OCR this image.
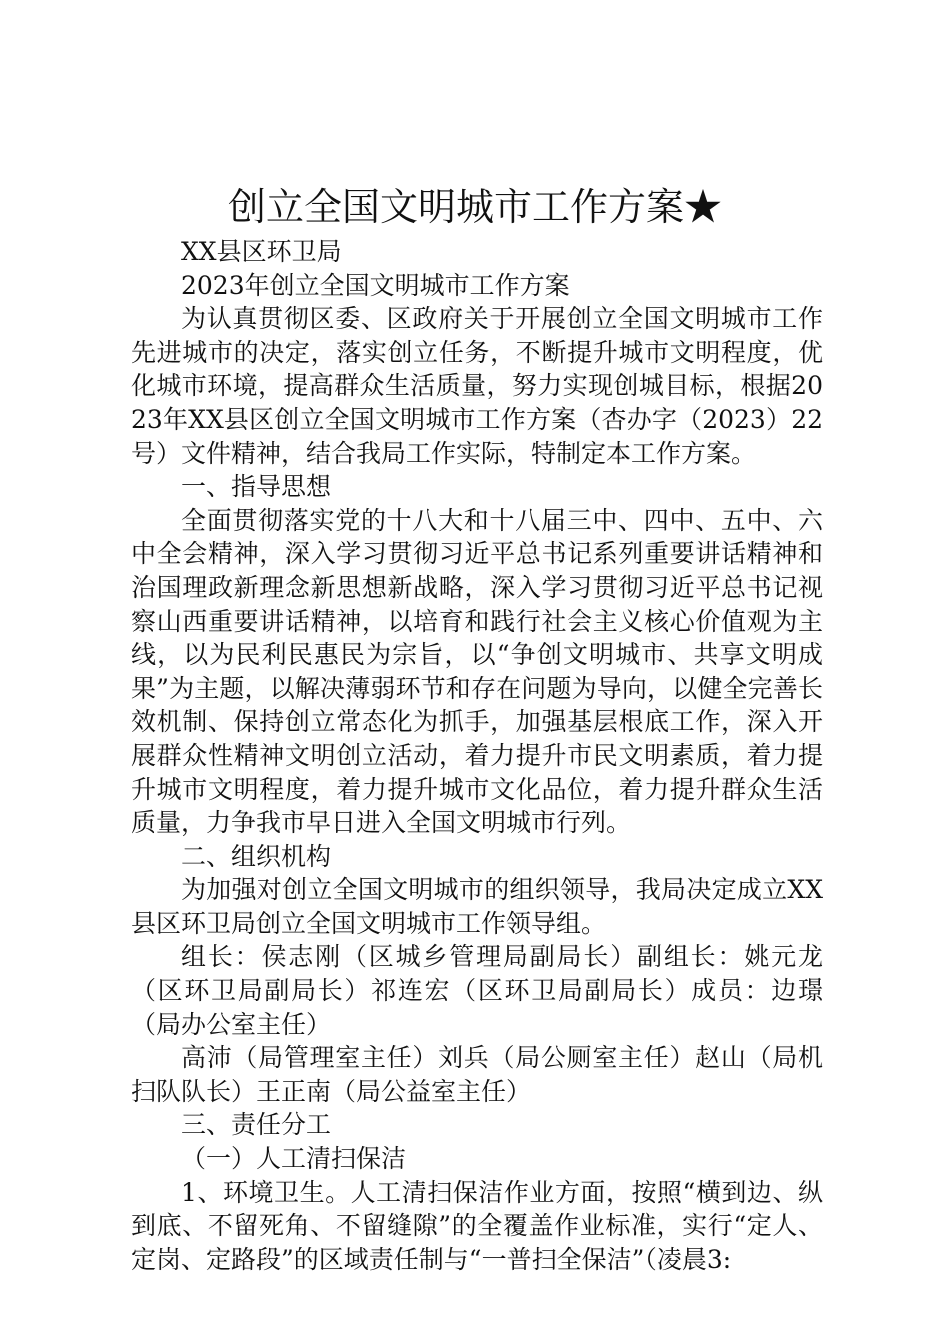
创立全国文明城市工作方案★

XX县区环卫局

2023年创立全国文明城市工作方案

为认真贯彻区委、区政府关于开展创立全国文明城市工作先进城市的决定，落实创立任务，不断提升城市文明程度，优化城市环境，提高群众生活质量，努力实现创城目标，根据2023年XX县区创立全国文明城市工作方案（杏办字（2023）22号）文件精神，结合我局工作实际，特制定本工作方案。

一、指导思想

全面贯彻落实党的十八大和十八届三中、四中、五中、六中全会精神，深入学习贯彻习近平总书记系列重要讲话精神和治国理政新理念新思想新战略，深入学习贯彻习近平总书记视察山西重要讲话精神，以培育和践行社会主义核心价值观为主线，以为民利民惠民为宗旨，以“争创文明城市、共享文明成果”为主题，以解决薄弱环节和存在问题为导向，以健全完善长效机制、保持创立常态化为抓手，加强基层根底工作，深入开展群众性精神文明创立活动，着力提升市民文明素质，着力提升城市文明程度，着力提升城市文化品位，着力提升群众生活质量，力争我市早日进入全国文明城市行列。

二、组织机构

为加强对创立全国文明城市的组织领导，我局决定成立XX县区环卫局创立全国文明城市工作领导组。

组长：侯志刚（区城乡管理局副局长）副组长：姚元龙（区环卫局副局长）祁连宏（区环卫局副局长）成员：边璟（局办公室主任）

高沛（局管理室主任）刘兵（局公厕室主任）赵山（局机扫队队长）王正南（局公益室主任）

三、责任分工

（一）人工清扫保洁

1、环境卫生。人工清扫保洁作业方面，按照“横到边、纵到底、不留死角、不留缝隙”的全覆盖作业标准，实行“定人、定岗、定路段”的区域责任制与“一普扫全保洁”（凌晨3:
